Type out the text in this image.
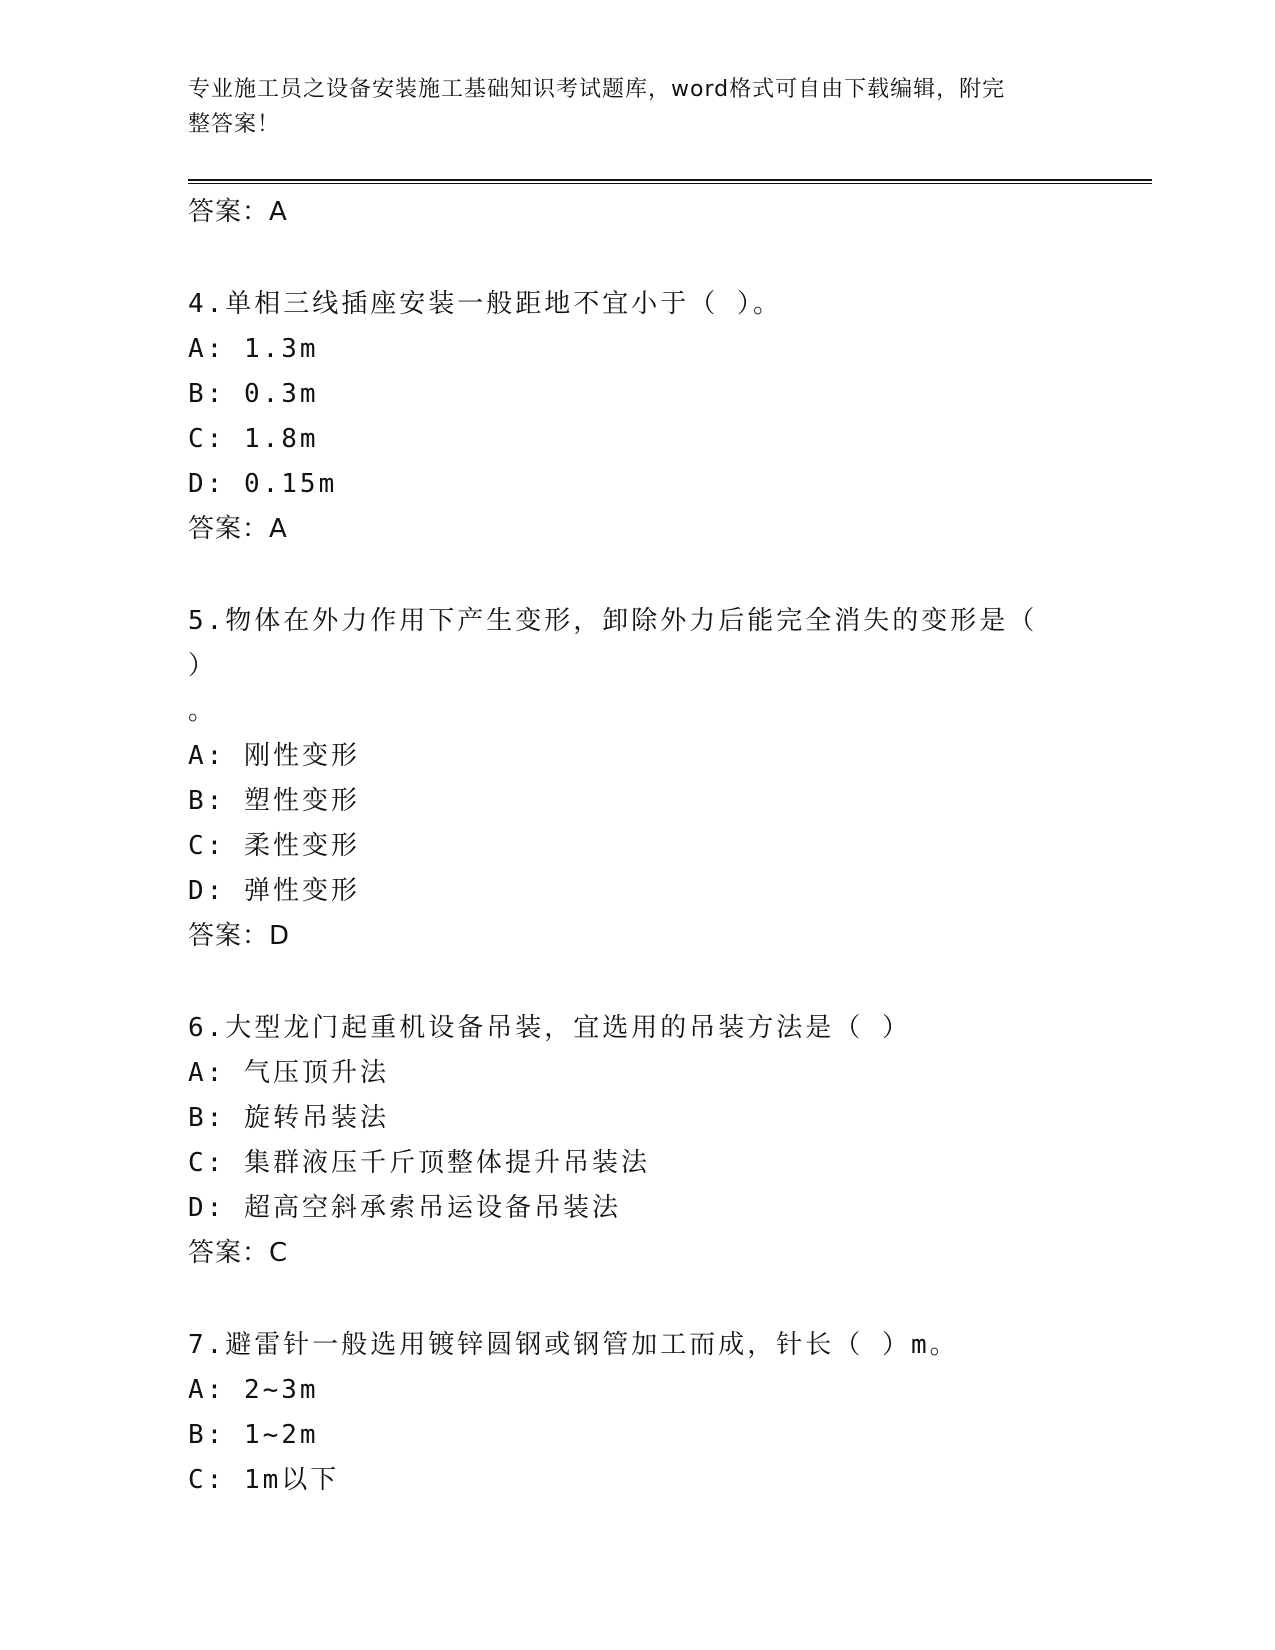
专业施工员之设备安装施工基础知识考试题库，word格式可自由下载编辑，附完
整答案！
答案：A
4.单相三线插座安装一般距地不宜小于（ ）。
A: 1.3m
B: 0.3m
C: 1.8m
D: 0.15m
答案：A
5.物体在外力作用下产生变形，卸除外力后能完全消失的变形是（ ）
。
A: 刚性变形
B: 塑性变形
C: 柔性变形
D: 弹性变形
答案：D
6.大型龙门起重机设备吊装，宜选用的吊装方法是（ ）
A: 气压顶升法
B: 旋转吊装法
C: 集群液压千斤顶整体提升吊装法
D: 超高空斜承索吊运设备吊装法
答案：C
7.避雷针一般选用镀锌圆钢或钢管加工而成，针长（ ）m。
A: 2~3m
B: 1~2m
C: 1m以下
